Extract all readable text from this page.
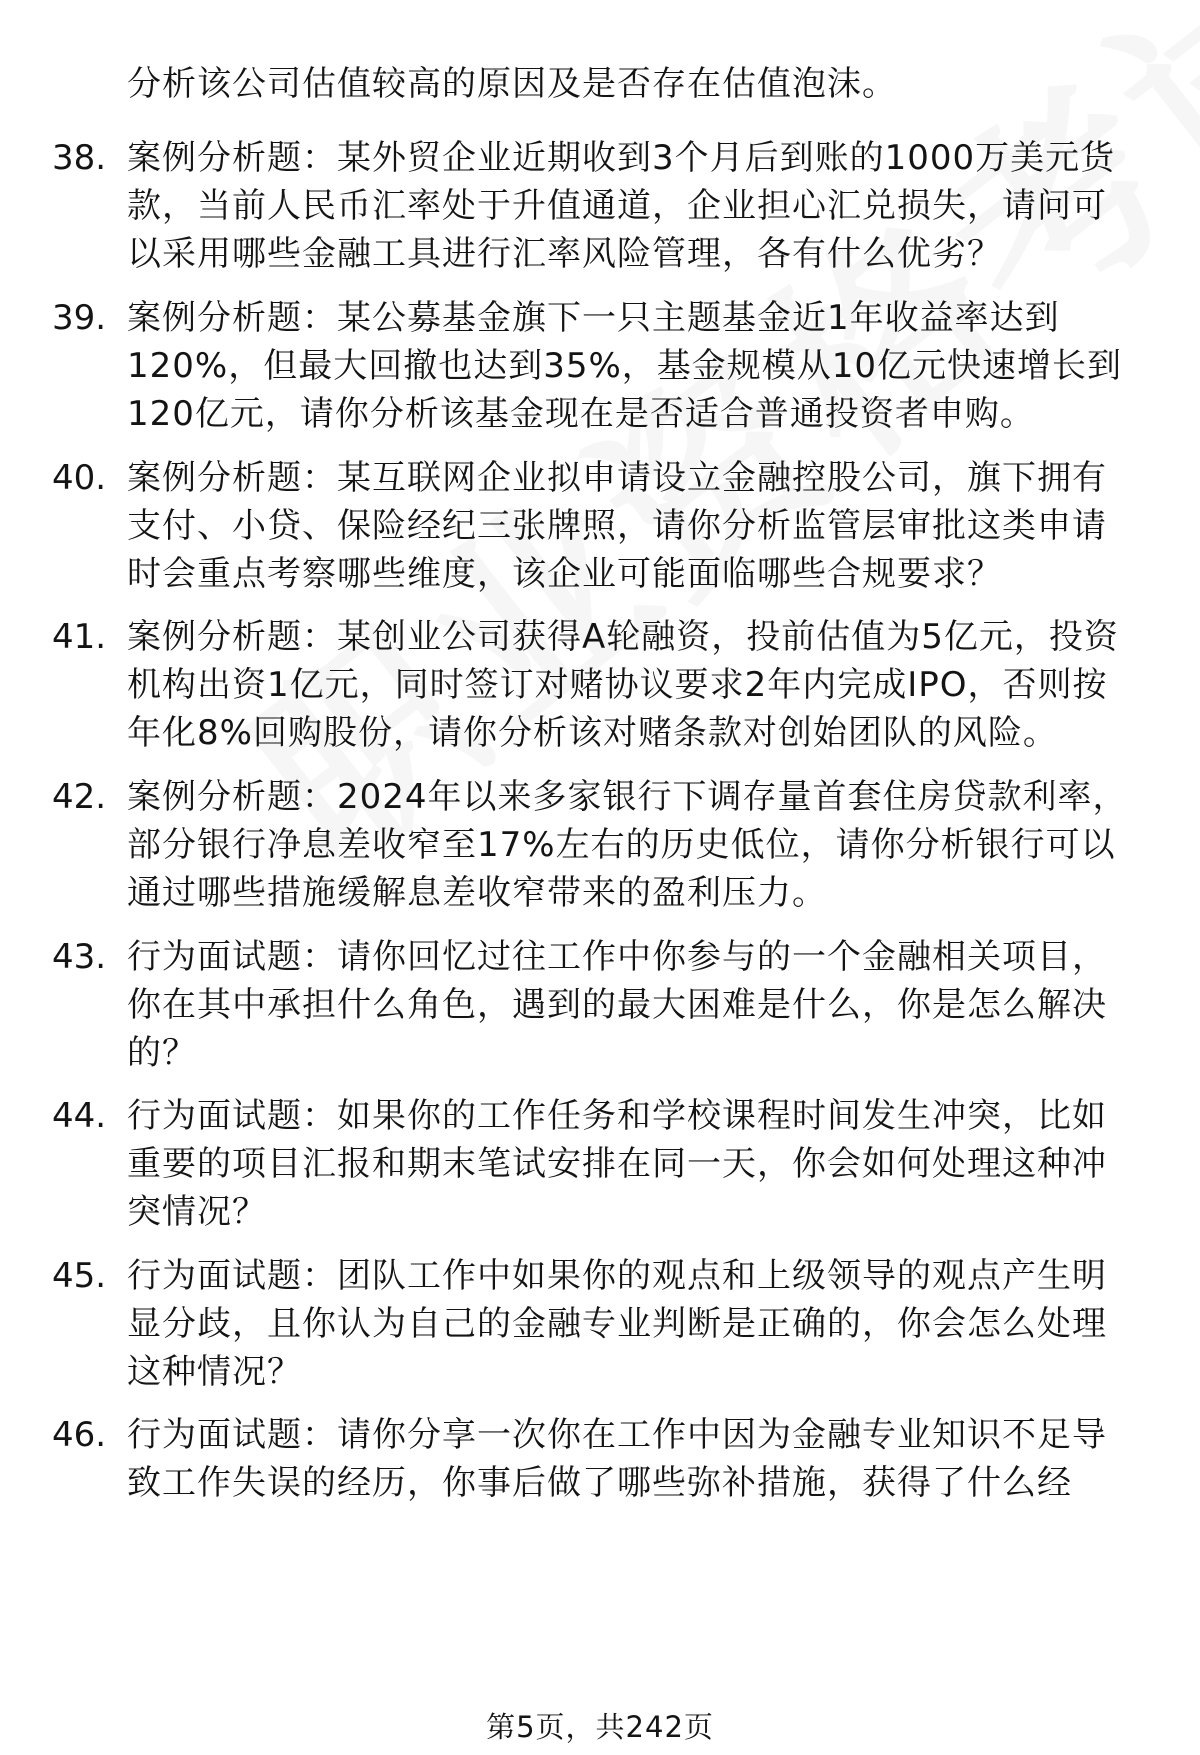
分析该公司估值较高的原因及是否存在估值泡沫。
38. 案例分析题：某外贸企业近期收到3个月后到账的1000万美元货
款，当前人民币汇率处于升值通道，企业担心汇兑损失，请问可
以采用哪些金融工具进行汇率风险管理，各有什么优劣？
39. 案例分析题：某公募基金旗下一只主题基金近1年收益率达到
120%，但最大回撤也达到35%，基金规模从10亿元快速增长到
120亿元，请你分析该基金现在是否适合普通投资者申购。
40. 案例分析题：某互联网企业拟申请设立金融控股公司，旗下拥有
支付、小贷、保险经纪三张牌照，请你分析监管层审批这类申请
时会重点考察哪些维度，该企业可能面临哪些合规要求？
41. 案例分析题：某创业公司获得A轮融资，投前估值为5亿元，投资
机构出资1亿元，同时签订对赌协议要求2年内完成IPO，否则按
年化8%回购股份，请你分析该对赌条款对创始团队的风险。
42. 案例分析题：2024年以来多家银行下调存量首套住房贷款利率，
部分银行净息差收窄至17%左右的历史低位，请你分析银行可以
通过哪些措施缓解息差收窄带来的盈利压力。
43. 行为面试题：请你回忆过往工作中你参与的一个金融相关项目，
你在其中承担什么角色，遇到的最大困难是什么，你是怎么解决
的？
44. 行为面试题：如果你的工作任务和学校课程时间发生冲突，比如
重要的项目汇报和期末笔试安排在同一天，你会如何处理这种冲
突情况？
45. 行为面试题：团队工作中如果你的观点和上级领导的观点产生明
显分歧，且你认为自己的金融专业判断是正确的，你会怎么处理
这种情况？
46. 行为面试题：请你分享一次你在工作中因为金融专业知识不足导
致工作失误的经历，你事后做了哪些弥补措施，获得了什么经
第5页，共242页
